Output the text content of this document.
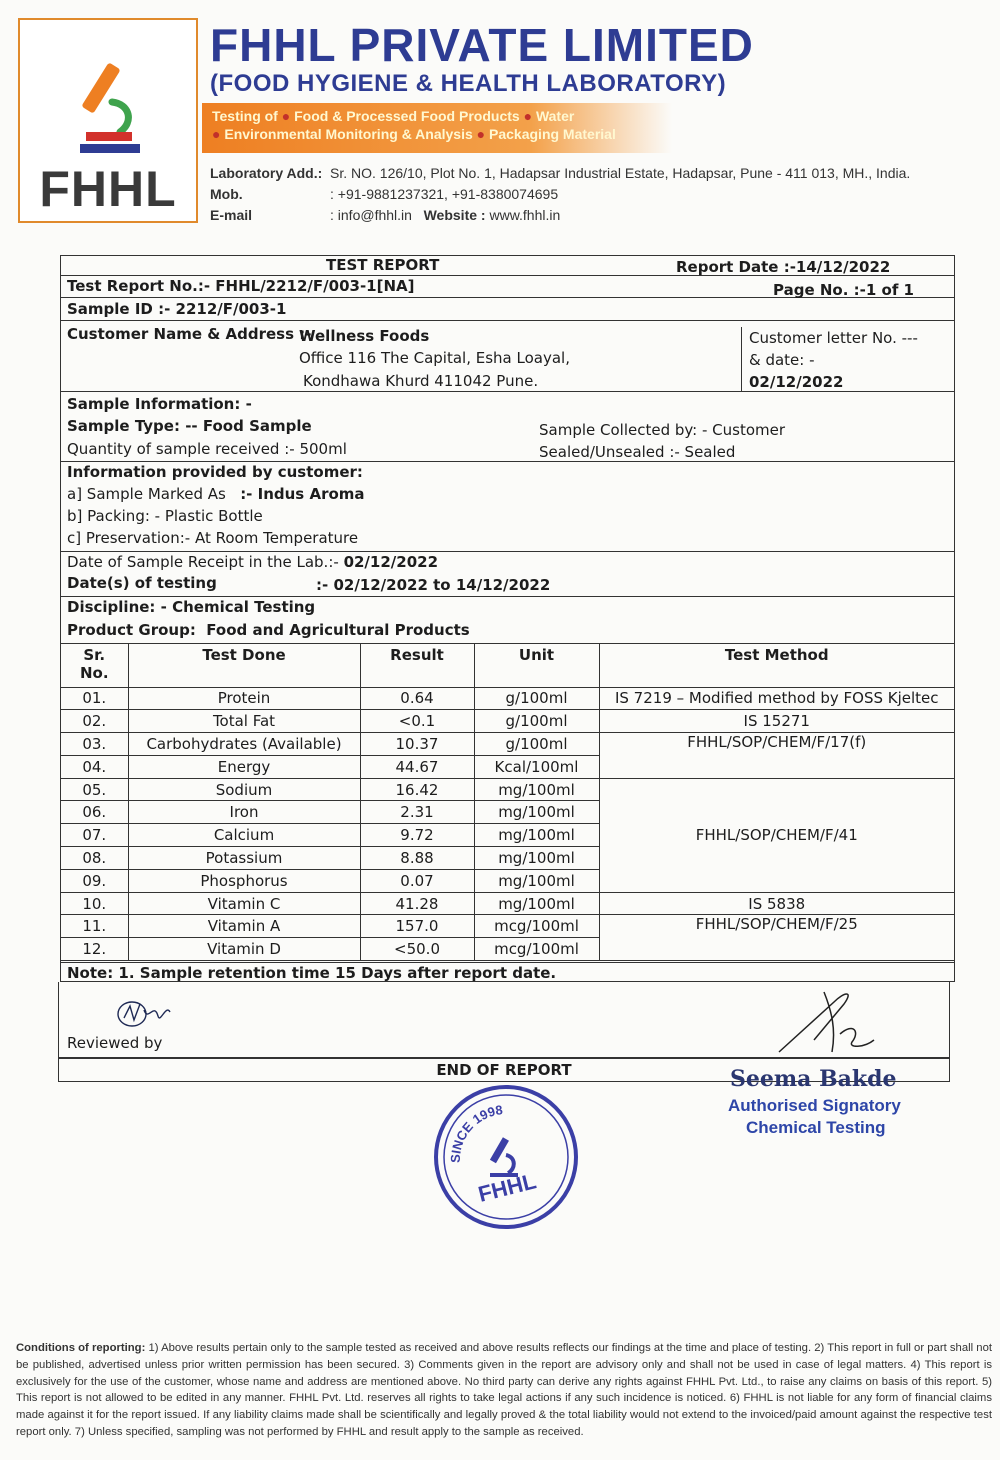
FHHL
FHHL PRIVATE LIMITED
(FOOD HYGIENE & HEALTH LABORATORY)
Testing of ● Food & Processed Food Products ● Water
● Environmental Monitoring & Analysis ● Packaging Material
Laboratory Add.: Sr. NO. 126/10, Plot No. 1, Hadapsar Industrial Estate, Hadapsar, Pune - 411 013, MH., India.
Mob.	: +91-9881237321, +91-8380074695
E-mail	: info@fhhl.in Website : www.fhhl.in
TEST REPORT	Report Date :-14/12/2022
Test Report No.:- FHHL/2212/F/003-1[NA]	Page No. :-1 of 1
Sample ID :- 2212/F/003-1
Customer Name & Address :-
Wellness Foods
Office 116 The Capital, Esha Loayal,
Kondhawa Khurd 411042 Pune.
Customer letter No. ---
& date: -
02/12/2022
Sample Information: -
Sample Type: -- Food Sample
Quantity of sample received :- 500ml
Sample Collected by: - Customer
Sealed/Unsealed :- Sealed
Information provided by customer:
a] Sample Marked As :- Indus Aroma
b] Packing: - Plastic Bottle
c] Preservation:- At Room Temperature
Date of Sample Receipt in the Lab.:- 02/12/2022
Date(s) of testing	:- 02/12/2022 to 14/12/2022
Discipline: - Chemical Testing
Product Group: Food and Agricultural Products
Sr.
No.	Test Done	Result	Unit	Test Method
01.	Protein	0.64	g/100ml	IS 7219 – Modified method by FOSS Kjeltec
02.	Total Fat	<0.1	g/100ml	IS 15271
03.	Carbohydrates (Available)	10.37	g/100ml	FHHL/SOP/CHEM/F/17(f)
04.	Energy	44.67	Kcal/100ml	
05.	Sodium	16.42	mg/100ml	FHHL/SOP/CHEM/F/41
06.	Iron	2.31	mg/100ml	
07.	Calcium	9.72	mg/100ml	
08.	Potassium	8.88	mg/100ml	
09.	Phosphorus	0.07	mg/100ml	
10.	Vitamin C	41.28	mg/100ml	IS 5838
11.	Vitamin A	157.0	mcg/100ml	FHHL/SOP/CHEM/F/25
12.	Vitamin D	<50.0	mcg/100ml	
Note: 1. Sample retention time 15 Days after report date.
Reviewed by
END OF REPORT	Seema Bakde
Authorised Signatory
Chemical Testing
SINCE 1998
FHHL
Conditions of reporting: 1) Above results pertain only to the sample tested as received and above results reflects our findings at the time and place of testing. 2) This report in full or part shall not be published, advertised unless prior written permission has been secured. 3) Comments given in the report are advisory only and shall not be used in case of legal matters. 4) This report is exclusively for the use of the customer, whose name and address are mentioned above. No third party can derive any rights against FHHL Pvt. Ltd., to raise any claims on basis of this report. 5) This report is not allowed to be edited in any manner. FHHL Pvt. Ltd. reserves all rights to take legal actions if any such incidence is noticed. 6) FHHL is not liable for any form of financial claims made against it for the report issued. If any liability claims made shall be scientifically and legally proved & the total liability would not extend to the invoiced/paid amount against the respective test report only. 7) Unless specified, sampling was not performed by FHHL and result apply to the sample as received.
